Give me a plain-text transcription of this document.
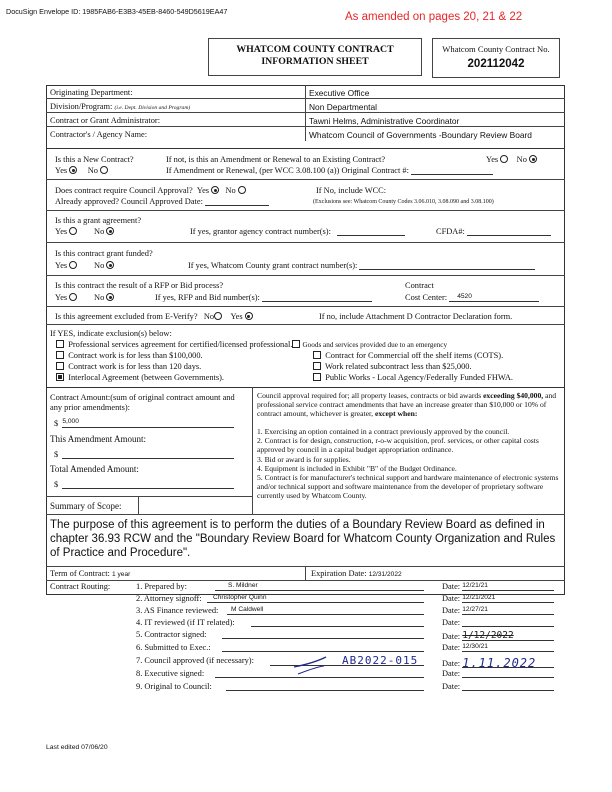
DocuSign Envelope ID: 1985FAB6-E3B3-45EB-8460-549D5619EA47	As amended on pages 20, 21 & 22
WHATCOM COUNTY CONTRACT
INFORMATION SHEET
Whatcom County Contract No.
202112042
Originating Department:	Executive Office
Division/Program: (i.e. Dept. Division and Program)	Non Departmental
Contract or Grant Administrator:	Tawni Helms, Administrative Coordinator
Contractor's / Agency Name:	Whatcom Council of Governments -Boundary Review Board
Is this a New Contract?	If not, is this an Amendment or Renewal to an Existing Contract?	Yes No
Yes No	If Amendment or Renewal, (per WCC 3.08.100 (a)) Original Contract #:
Does contract require Council Approval? Yes No	If No, include WCC:
Already approved? Council Approved Date:	(Exclusions see: Whatcom County Codes 3.06.010, 3.08.090 and 3.08.100)
Is this a grant agreement?
Yes	No	If yes, grantor agency contract number(s):	CFDA#:
Is this contract grant funded?
Yes	No	If yes, Whatcom County grant contract number(s):
Is this contract the result of a RFP or Bid process?	Contract
Yes	No	If yes, RFP and Bid number(s):	Cost Center: 4520
Is this agreement excluded from E-Verify? No Yes	If no, include Attachment D Contractor Declaration form.
If YES, indicate exclusion(s) below:
Professional services agreement for certified/licensed professional. Goods and services provided due to an emergency
Contract work is for less than $100,000.
Contract work is for less than 120 days.
Interlocal Agreement (between Governments).
Contract for Commercial off the shelf items (COTS).
Work related subcontract less than $25,000.
Public Works - Local Agency/Federally Funded FHWA.
Contract Amount:(sum of original contract amount and any prior amendments):
$ 5,000
This Amendment Amount:
$
Total Amended Amount:
$
Summary of Scope:
Council approval required for; all property leases, contracts or bid awards exceeding $40,000, and professional service contract amendments that have an increase greater than $10,000 or 10% of contract amount, whichever is greater, except when:
1. Exercising an option contained in a contract previously approved by the council.
2. Contract is for design, construction, r-o-w acquisition, prof. services, or other capital costs approved by council in a capital budget appropriation ordinance.
3. Bid or award is for supplies.
4. Equipment is included in Exhibit "B" of the Budget Ordinance.
5. Contract is for manufacturer's technical support and hardware maintenance of electronic systems and/or technical support and software maintenance from the developer of proprietary software currently used by Whatcom County.
The purpose of this agreement is to perform the duties of a Boundary Review Board as defined in chapter 36.93 RCW and the "Boundary Review Board for Whatcom County Organization and Rules of Practice and Procedure".
Term of Contract: 1 year	Expiration Date: 12/31/2022
Contract Routing:	1. Prepared by:	S. Mildner	Date: 12/21/21
2. Attorney signoff:	Christopher Quinn	Date: 12/21/2021
3. AS Finance reviewed:	M Caldwell	Date: 12/27/21
4. IT reviewed (if IT related):	Date:
5. Contractor signed:	Date: 1/12/2022
6. Submitted to Exec.:	Date: 12/30/21
7. Council approved (if necessary):	AB2022-015	Date: 1.11.2022
8. Executive signed:	Date:
9. Original to Council:	Date:
Last edited 07/06/20
